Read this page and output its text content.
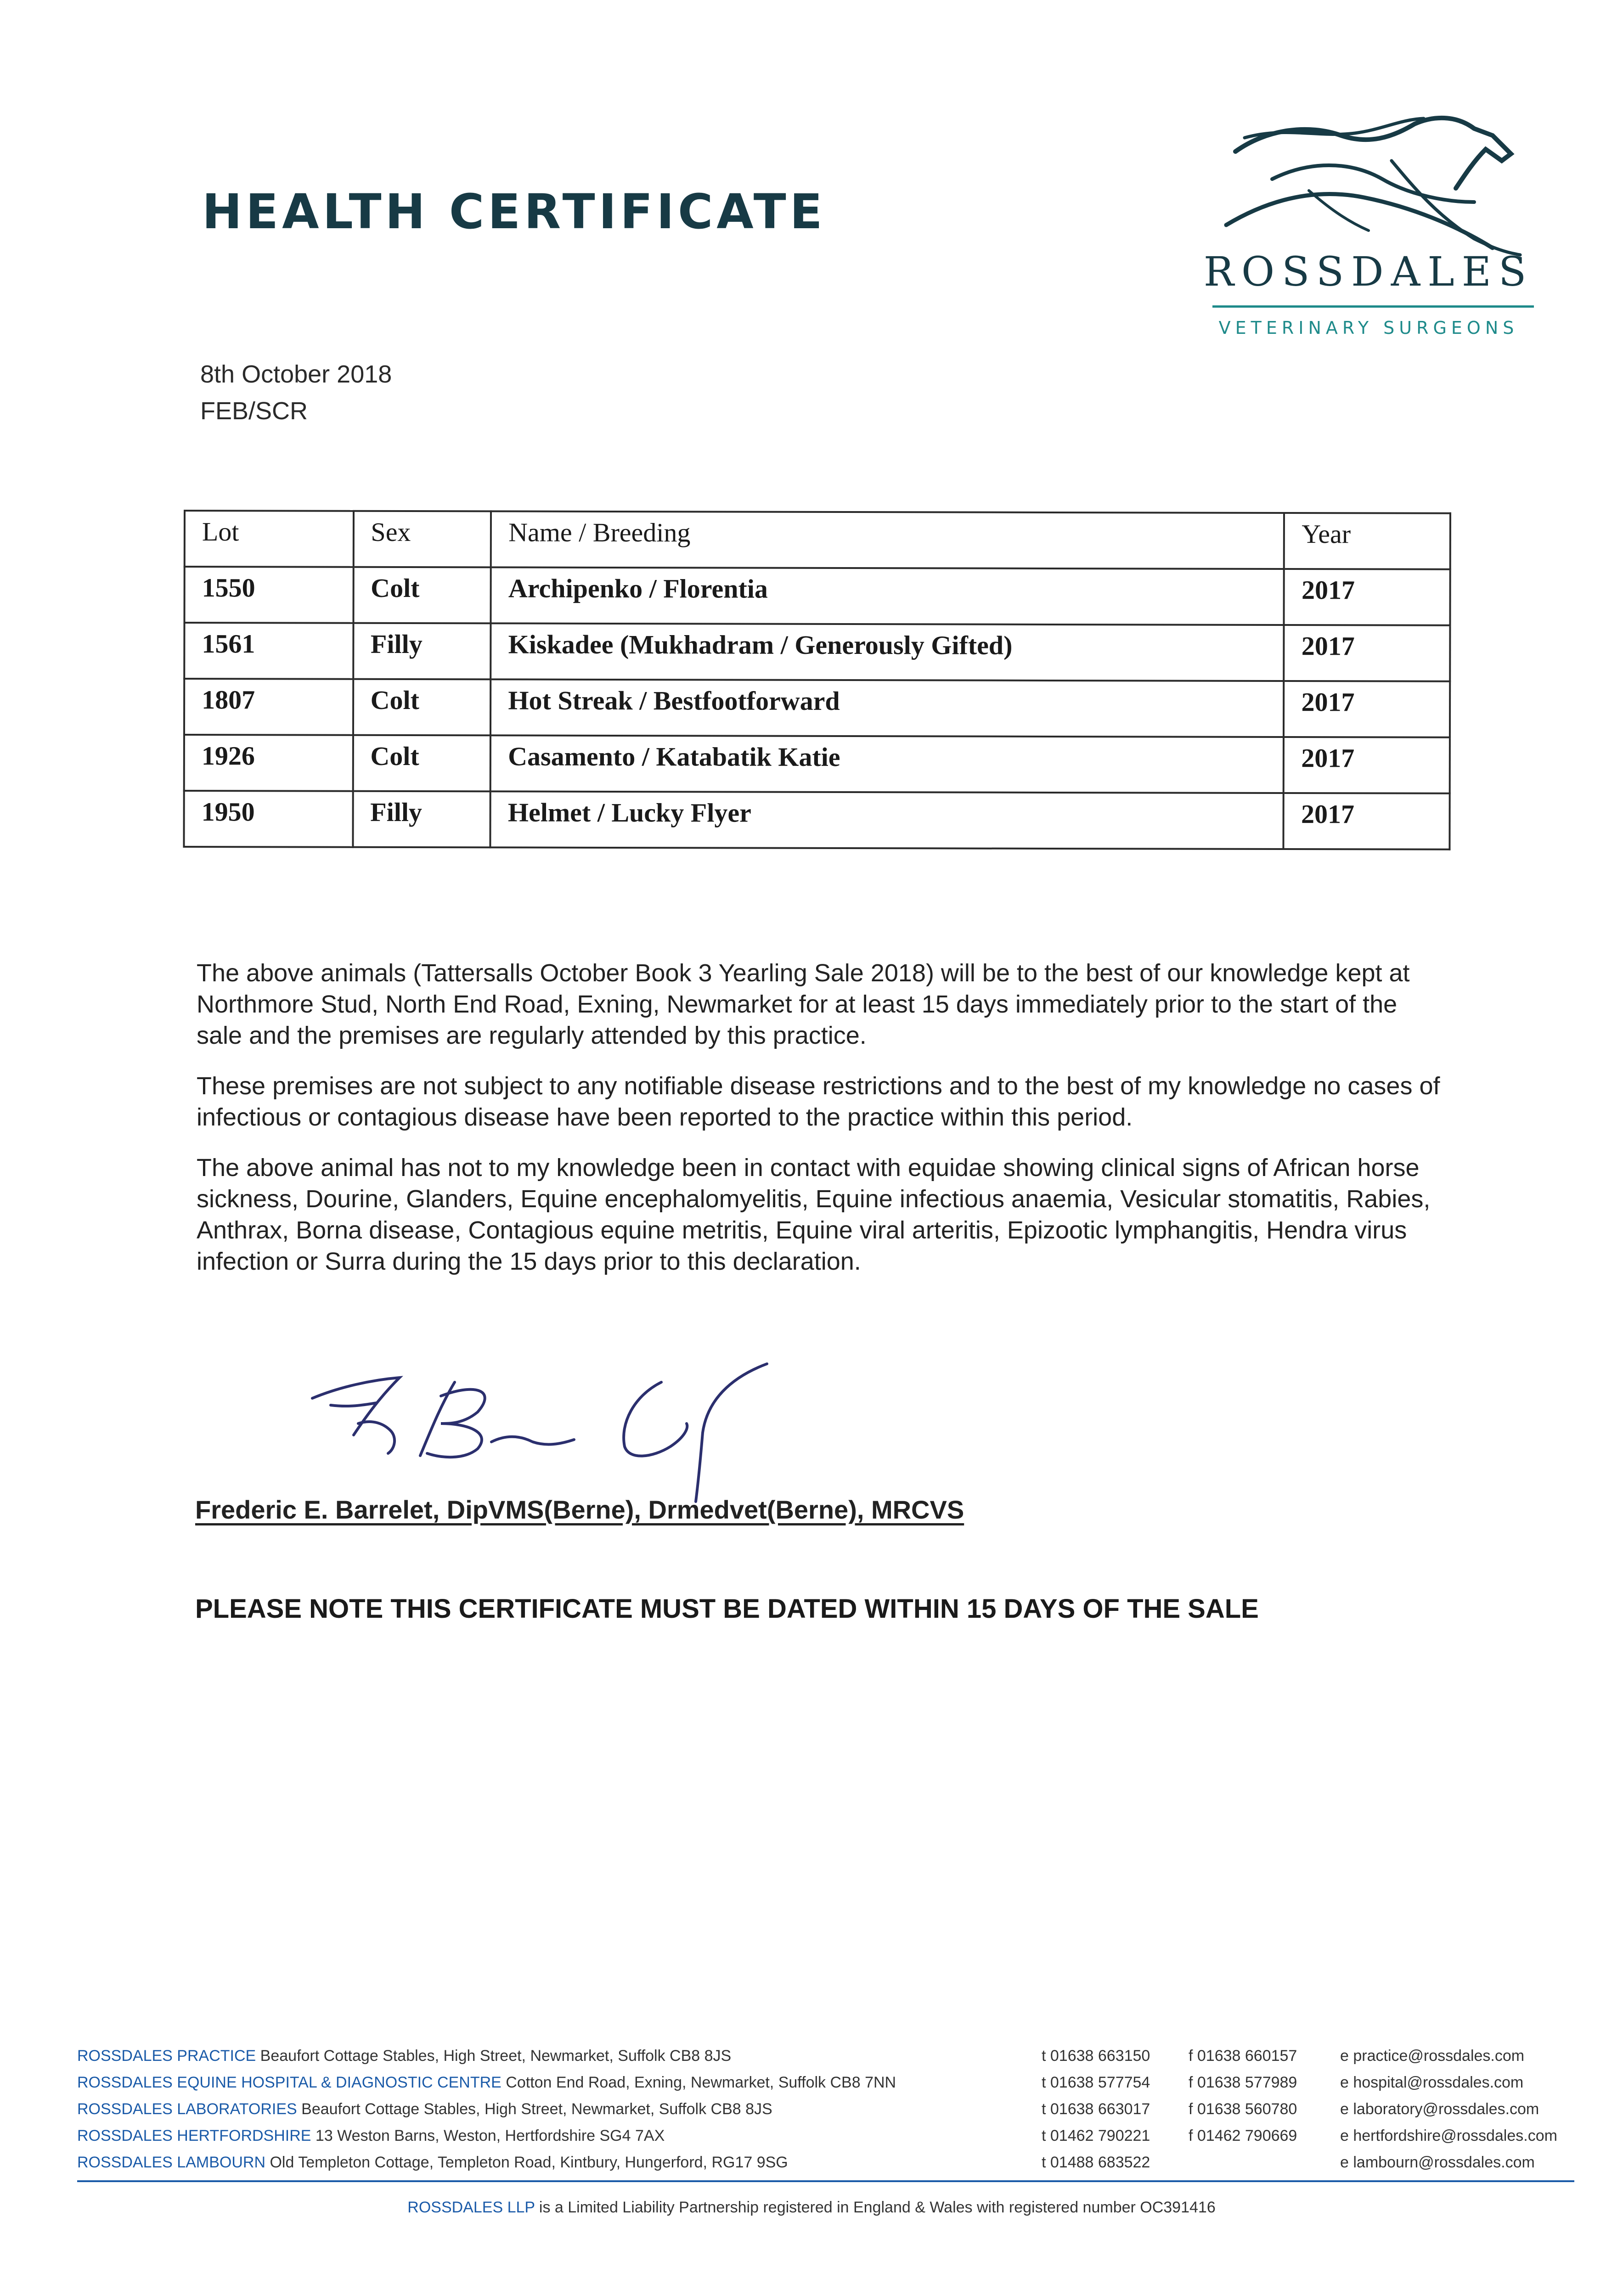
HEALTH CERTIFICATE
ROSSDALES
VETERINARY SURGEONS
8th October 2018
FEB/SCR
Lot	Sex	Name / Breeding	Year
1550	Colt	Archipenko / Florentia	2017
1561	Filly	Kiskadee (Mukhadram / Generously Gifted)	2017
1807	Colt	Hot Streak / Bestfootforward	2017
1926	Colt	Casamento / Katabatik Katie	2017
1950	Filly	Helmet / Lucky Flyer	2017

The above animals (Tattersalls October Book 3 Yearling Sale 2018) will be to the best of our knowledge kept at Northmore Stud, North End Road, Exning, Newmarket for at least 15 days immediately prior to the start of the sale and the premises are regularly attended by this practice.

These premises are not subject to any notifiable disease restrictions and to the best of my knowledge no cases of infectious or contagious disease have been reported to the practice within this period.

The above animal has not to my knowledge been in contact with equidae showing clinical signs of African horse sickness, Dourine, Glanders, Equine encephalomyelitis, Equine infectious anaemia, Vesicular stomatitis, Rabies, Anthrax, Borna disease, Contagious equine metritis, Equine viral arteritis, Epizootic lymphangitis, Hendra virus infection or Surra during the 15 days prior to this declaration.

Frederic E. Barrelet, DipVMS(Berne), Drmedvet(Berne), MRCVS
PLEASE NOTE THIS CERTIFICATE MUST BE DATED WITHIN 15 DAYS OF THE SALE
ROSSDALES PRACTICE Beaufort Cottage Stables, High Street, Newmarket, Suffolk CB8 8JS	t 01638 663150 f 01638 660157	e practice@rossdales.com
ROSSDALES EQUINE HOSPITAL & DIAGNOSTIC CENTRE Cotton End Road, Exning, Newmarket, Suffolk CB8 7NN	t 01638 577754 f 01638 577989	e hospital@rossdales.com
ROSSDALES LABORATORIES Beaufort Cottage Stables, High Street, Newmarket, Suffolk CB8 8JS	t 01638 663017 f 01638 560780	e laboratory@rossdales.com
ROSSDALES HERTFORDSHIRE 13 Weston Barns, Weston, Hertfordshire SG4 7AX	t 01462 790221 f 01462 790669	e hertfordshire@rossdales.com
ROSSDALES LAMBOURN Old Templeton Cottage, Templeton Road, Kintbury, Hungerford, RG17 9SG	t 01488 683522	e lambourn@rossdales.com
ROSSDALES LLP is a Limited Liability Partnership registered in England & Wales with registered number OC391416
